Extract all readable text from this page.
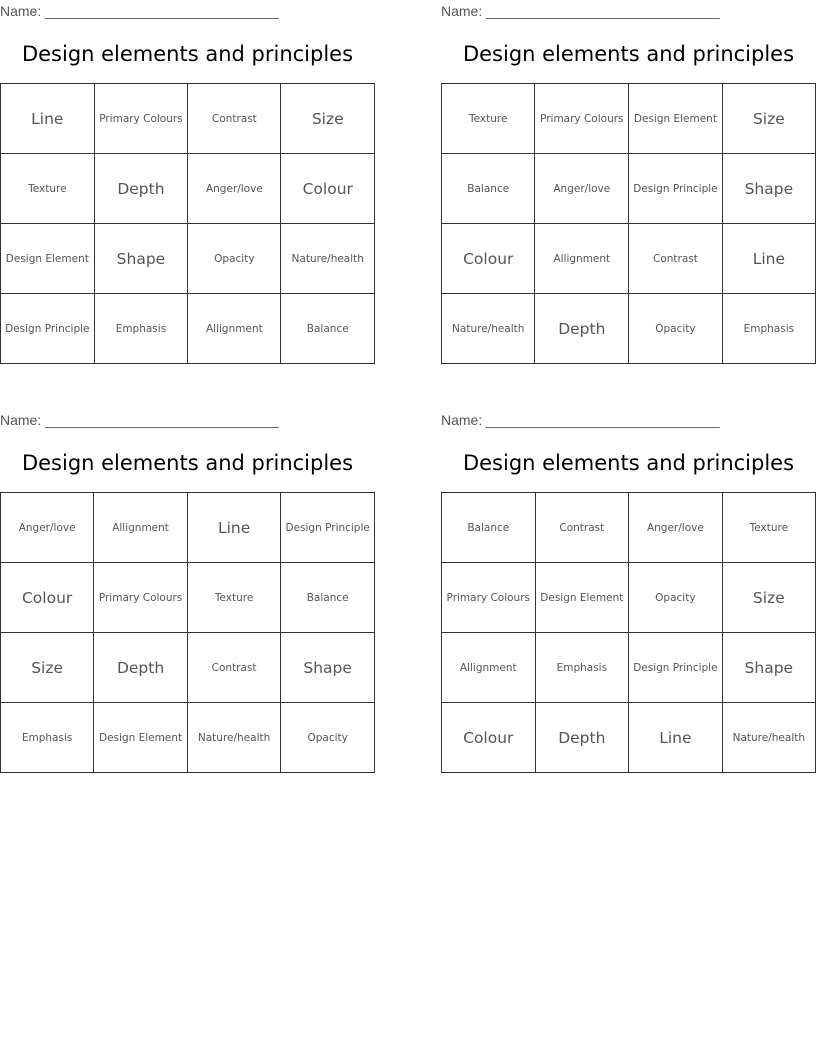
Name: ______________________________
Design elements and principles
Line	Primary Colours	Contrast	Size
Texture	Depth	Anger/love	Colour
Design Element	Shape	Opacity	Nature/health
Design Principle	Emphasis	Allignment	Balance
Name: ______________________________
Design elements and principles
Texture	Primary Colours	Design Element	Size
Balance	Anger/love	Design Principle	Shape
Colour	Allignment	Contrast	Line
Nature/health	Depth	Opacity	Emphasis
Name: ______________________________
Design elements and principles
Anger/love	Allignment	Line	Design Principle
Colour	Primary Colours	Texture	Balance
Size	Depth	Contrast	Shape
Emphasis	Design Element	Nature/health	Opacity
Name: ______________________________
Design elements and principles
Balance	Contrast	Anger/love	Texture
Primary Colours	Design Element	Opacity	Size
Allignment	Emphasis	Design Principle	Shape
Colour	Depth	Line	Nature/health
